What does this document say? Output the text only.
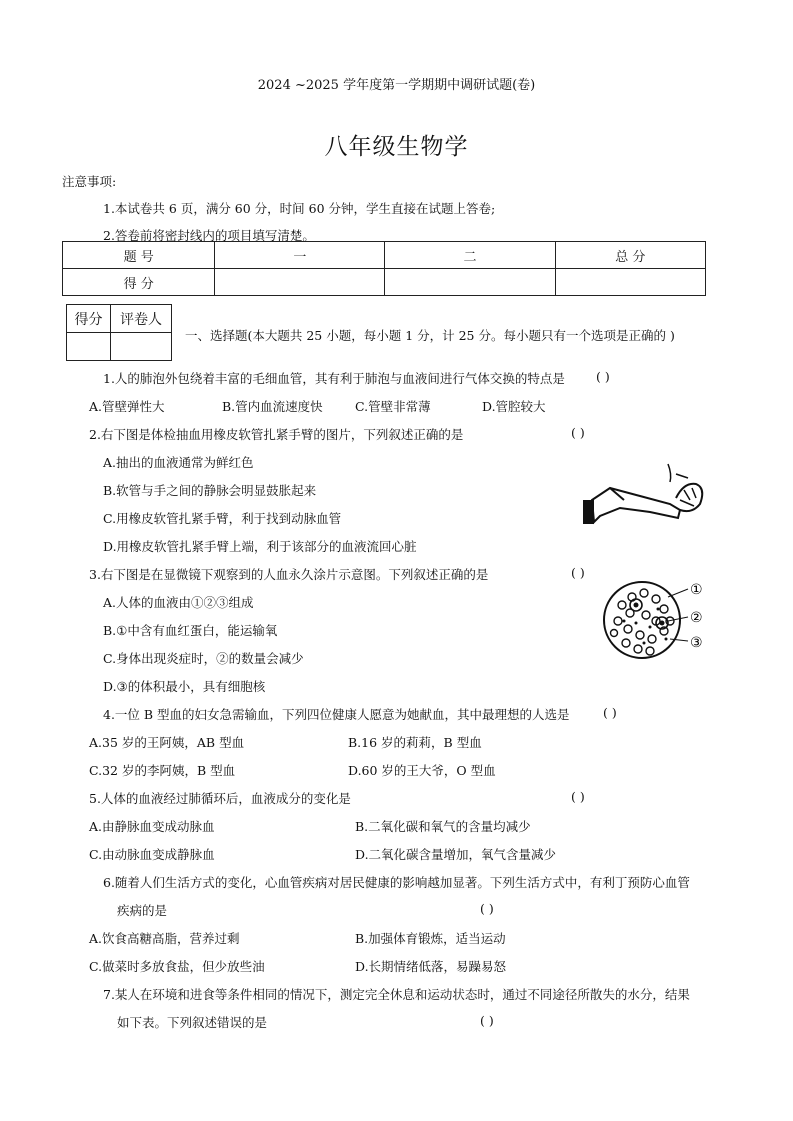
2024 ~2025 学年度第一学期期中调研试题(卷)
八年级生物学
注意事项:
1.本试卷共 6 页，满分 60 分，时间 60 分钟，学生直接在试题上答卷;
2.答卷前将密封线内的项目填写清楚。
题 号	一	二	总 分
得 分			
得分	评卷人

一、选择题(本大题共 25 小题，每小题 1 分，计 25 分。每小题只有一个选项是正确的 )
1.人的肺泡外包绕着丰富的毛细血管，其有利于肺泡与血液间进行气体交换的特点是 ( )
A.管壁弹性大	B.管内血流速度快	C.管壁非常薄	D.管腔较大
2.右下图是体检抽血用橡皮软管扎紧手臂的图片，下列叙述正确的是	( )
A.抽出的血液通常为鲜红色
B.软管与手之间的静脉会明显鼓胀起来
C.用橡皮软管扎紧手臂，利于找到动脉血管
D.用橡皮软管扎紧手臂上端，利于该部分的血液流回心脏
3.右下图是在显微镜下观察到的人血永久涂片示意图。下列叙述正确的是	( )
A.人体的血液由①②③组成
B.①中含有血红蛋白，能运输氧
C.身体出现炎症时，②的数量会减少
D.③的体积最小，具有细胞核
①
②
③
4.一位 B 型血的妇女急需输血，下列四位健康人愿意为她献血，其中最理想的人选是	( )
A.35 岁的王阿姨，AB 型血	B.16 岁的莉莉，B 型血
C.32 岁的李阿姨，B 型血	D.60 岁的王大爷，O 型血
5.人体的血液经过肺循环后，血液成分的变化是	( )
A.由静脉血变成动脉血	B.二氧化碳和氧气的含量均减少
C.由动脉血变成静脉血	D.二氧化碳含量增加，氧气含量减少
6.随着人们生活方式的变化，心血管疾病对居民健康的影响越加显著。下列生活方式中，有利丁预防心血管
疾病的是	( )
A.饮食高糖高脂，营养过剩	B.加强体育锻炼，适当运动
C.做菜时多放食盐，但少放些油	D.长期情绪低落，易躁易怒
7.某人在环境和进食等条件相同的情况下，测定完全休息和运动状态时，通过不同途径所散失的水分，结果
如下表。下列叙述错误的是	( )
